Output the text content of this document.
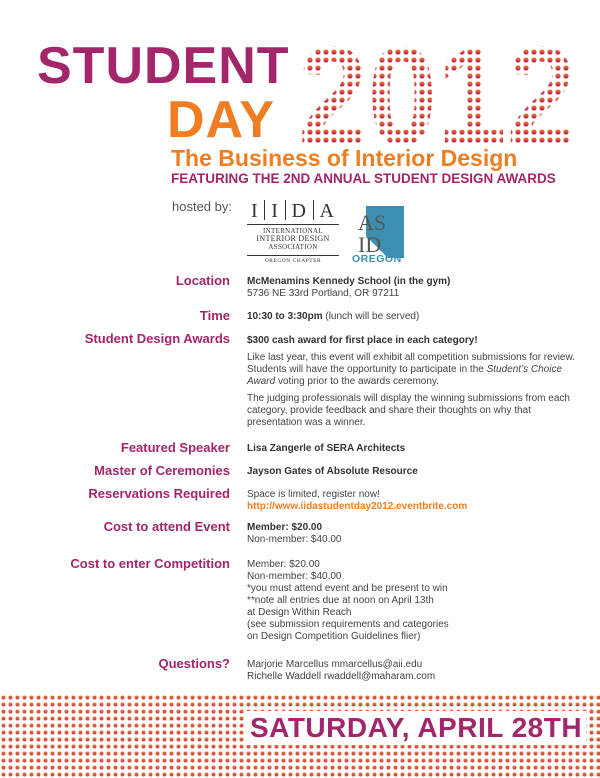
STUDENT
DAY
The Business of Interior Design
FEATURING THE 2ND ANNUAL STUDENT DESIGN AWARDS
hosted by: I I D A
INTERNATIONAL
INTERIOR DESIGN
ASSOCIATION
OREGON CHAPTER
AS
ID
OREGON
Location McMenamins Kennedy School (in the gym)
5736 NE 33rd Portland, OR 97211
Time 10:30 to 3:30pm (lunch will be served)
Student Design Awards $300 cash award for first place in each category!

Like last year, this event will exhibit all competition submissions for review. Students will have the opportunity to participate in the Student’s Choice Award voting prior to the awards ceremony.

The judging professionals will display the winning submissions from each category, provide feedback and share their thoughts on why that presentation was a winner.

Featured Speaker Lisa Zangerle of SERA Architects
Master of Ceremonies Jayson Gates of Absolute Resource
Reservations Required Space is limited, register now!
http://www.iidastudentday2012.eventbrite.com
Cost to attend Event Member: $20.00
Non-member: $40.00
Cost to enter Competition Member: $20.00
Non-member: $40.00
*you must attend event and be present to win
**note all entries due at noon on April 13th
at Design Within Reach
(see submission requirements and categories
on Design Competition Guidelines flier)
Questions? Marjorie Marcellus mmarcellus@aii.edu
Richelle Waddell rwaddell@maharam.com
SATURDAY, APRIL 28TH
